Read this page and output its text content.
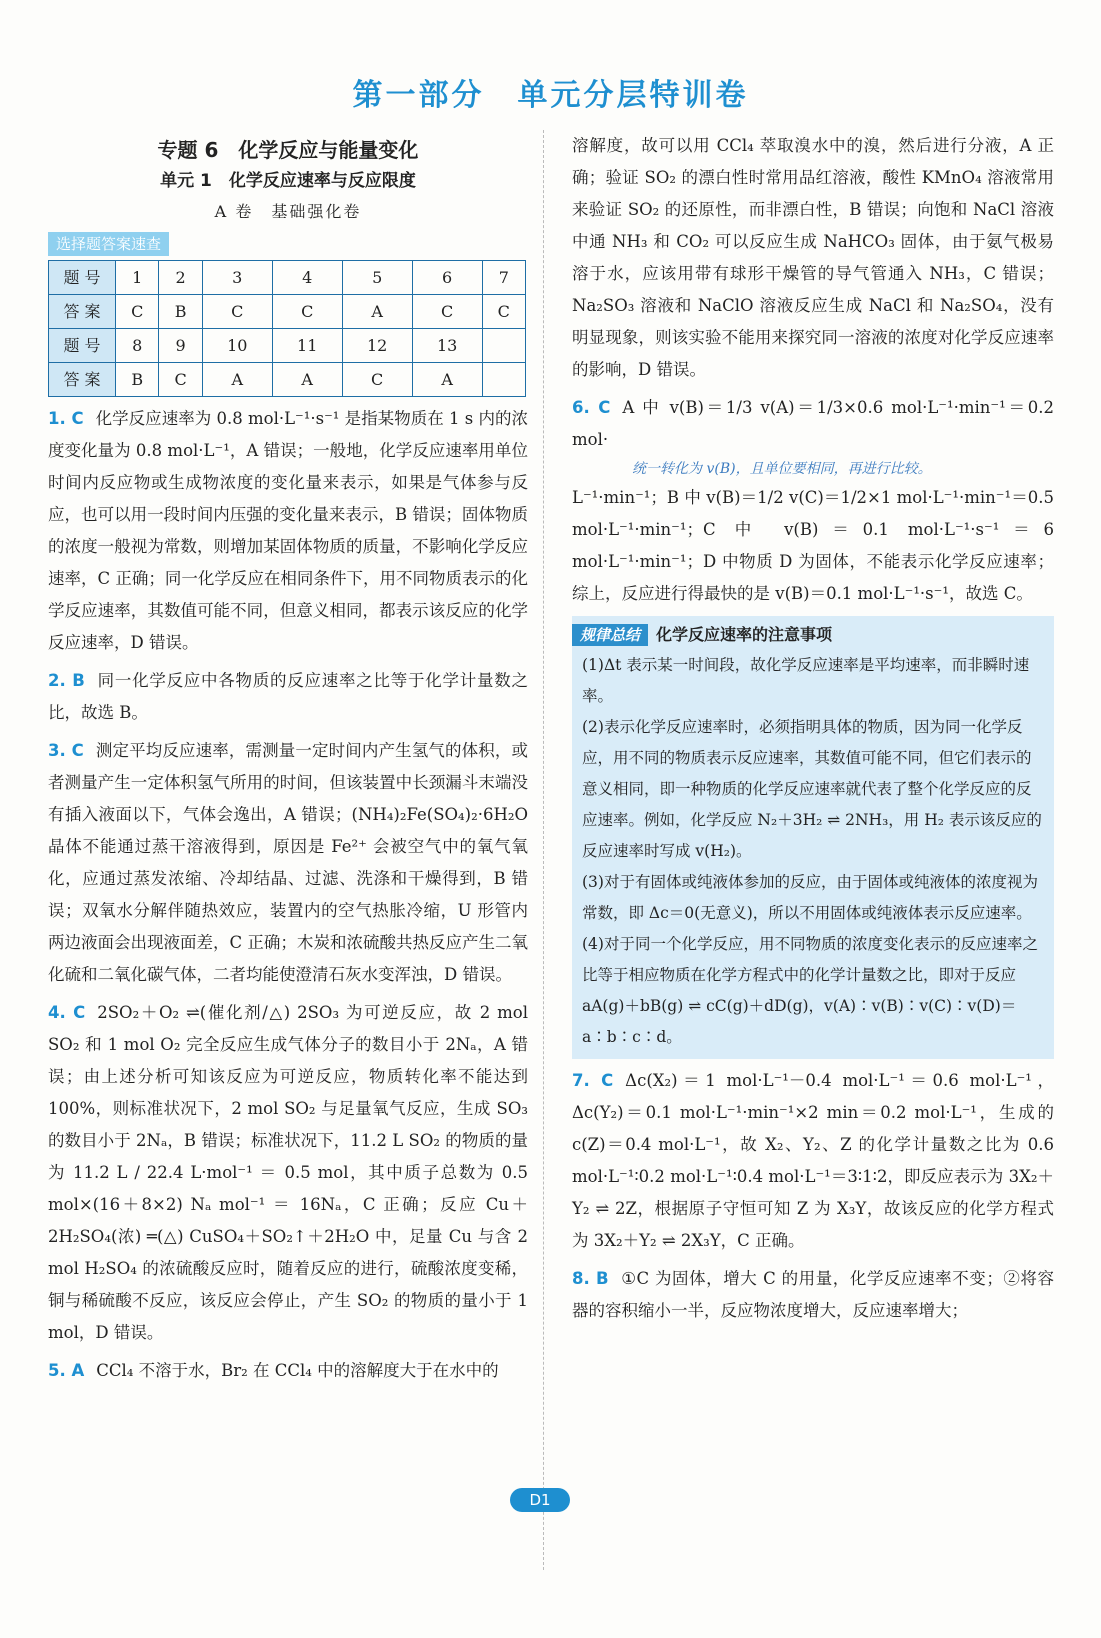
第一部分　单元分层特训卷
专题 6　化学反应与能量变化
单元 1　化学反应速率与反应限度
A 卷　基础强化卷
选择题答案速查
题 号	1	2	3	4	5	6	7
答 案	C	B	C	C	A	C	C
题 号	8	9	10	11	12	13	
答 案	B	C	A	A	C	A	
1. C 化学反应速率为 0.8 mol·L⁻¹·s⁻¹ 是指某物质在 1 s 内的浓度变化量为 0.8 mol·L⁻¹，A 错误；一般地，化学反应速率用单位时间内反应物或生成物浓度的变化量来表示，如果是气体参与反应，也可以用一段时间内压强的变化量来表示，B 错误；固体物质的浓度一般视为常数，则增加某固体物质的质量，不影响化学反应速率，C 正确；同一化学反应在相同条件下，用不同物质表示的化学反应速率，其数值可能不同，但意义相同，都表示该反应的化学反应速率，D 错误。
2. B 同一化学反应中各物质的反应速率之比等于化学计量数之比，故选 B。
3. C 测定平均反应速率，需测量一定时间内产生氢气的体积，或者测量产生一定体积氢气所用的时间，但该装置中长颈漏斗末端没有插入液面以下，气体会逸出，A 错误；(NH₄)₂Fe(SO₄)₂·6H₂O 晶体不能通过蒸干溶液得到，原因是 Fe²⁺ 会被空气中的氧气氧化，应通过蒸发浓缩、冷却结晶、过滤、洗涤和干燥得到，B 错误；双氧水分解伴随热效应，装置内的空气热胀冷缩，U 形管内两边液面会出现液面差，C 正确；木炭和浓硫酸共热反应产生二氧化硫和二氧化碳气体，二者均能使澄清石灰水变浑浊，D 错误。
4. C 2SO₂＋O₂ ⇌(催化剂/△) 2SO₃ 为可逆反应，故 2 mol SO₂ 和 1 mol O₂ 完全反应生成气体分子的数目小于 2Nₐ，A 错误；由上述分析可知该反应为可逆反应，物质转化率不能达到 100%，则标准状况下，2 mol SO₂ 与足量氧气反应，生成 SO₃ 的数目小于 2Nₐ，B 错误；标准状况下，11.2 L SO₂ 的物质的量为 11.2 L / 22.4 L·mol⁻¹ ＝ 0.5 mol，其中质子总数为 0.5 mol×(16＋8×2) Nₐ mol⁻¹ ＝ 16Nₐ，C 正确；反应 Cu＋2H₂SO₄(浓) ═(△) CuSO₄＋SO₂↑＋2H₂O 中，足量 Cu 与含 2 mol H₂SO₄ 的浓硫酸反应时，随着反应的进行，硫酸浓度变稀，铜与稀硫酸不反应，该反应会停止，产生 SO₂ 的物质的量小于 1 mol，D 错误。
5. A CCl₄ 不溶于水，Br₂ 在 CCl₄ 中的溶解度大于在水中的
溶解度，故可以用 CCl₄ 萃取溴水中的溴，然后进行分液，A 正确；验证 SO₂ 的漂白性时常用品红溶液，酸性 KMnO₄ 溶液常用来验证 SO₂ 的还原性，而非漂白性，B 错误；向饱和 NaCl 溶液中通 NH₃ 和 CO₂ 可以反应生成 NaHCO₃ 固体，由于氨气极易溶于水，应该用带有球形干燥管的导气管通入 NH₃，C 错误；Na₂SO₃ 溶液和 NaClO 溶液反应生成 NaCl 和 Na₂SO₄，没有明显现象，则该实验不能用来探究同一溶液的浓度对化学反应速率的影响，D 错误。
6. C A 中 v(B)＝1/3 v(A)＝1/3×0.6 mol·L⁻¹·min⁻¹＝0.2 mol·
统一转化为 v(B)，且单位要相同，再进行比较。
L⁻¹·min⁻¹；B 中 v(B)＝1/2 v(C)＝1/2×1 mol·L⁻¹·min⁻¹＝0.5 mol·L⁻¹·min⁻¹；C 中 v(B)＝0.1 mol·L⁻¹·s⁻¹＝6 mol·L⁻¹·min⁻¹；D 中物质 D 为固体，不能表示化学反应速率；综上，反应进行得最快的是 v(B)＝0.1 mol·L⁻¹·s⁻¹，故选 C。
规律总结 化学反应速率的注意事项

(1)Δt 表示某一时间段，故化学反应速率是平均速率，而非瞬时速率。

(2)表示化学反应速率时，必须指明具体的物质，因为同一化学反应，用不同的物质表示反应速率，其数值可能不同，但它们表示的意义相同，即一种物质的化学反应速率就代表了整个化学反应的反应速率。例如，化学反应 N₂＋3H₂ ⇌ 2NH₃，用 H₂ 表示该反应的反应速率时写成 v(H₂)。

(3)对于有固体或纯液体参加的反应，由于固体或纯液体的浓度视为常数，即 Δc＝0(无意义)，所以不用固体或纯液体表示反应速率。

(4)对于同一个化学反应，用不同物质的浓度变化表示的反应速率之比等于相应物质在化学方程式中的化学计量数之比，即对于反应 aA(g)＋bB(g) ⇌ cC(g)＋dD(g)，v(A)∶v(B)∶v(C)∶v(D)＝a∶b∶c∶d。

7. C Δc(X₂)＝1 mol·L⁻¹－0.4 mol·L⁻¹＝0.6 mol·L⁻¹，Δc(Y₂)＝0.1 mol·L⁻¹·min⁻¹×2 min＝0.2 mol·L⁻¹，生成的 c(Z)＝0.4 mol·L⁻¹，故 X₂、Y₂、Z 的化学计量数之比为 0.6 mol·L⁻¹∶0.2 mol·L⁻¹∶0.4 mol·L⁻¹＝3∶1∶2，即反应表示为 3X₂＋Y₂ ⇌ 2Z，根据原子守恒可知 Z 为 X₃Y，故该反应的化学方程式为 3X₂＋Y₂ ⇌ 2X₃Y，C 正确。
8. B ①C 为固体，增大 C 的用量，化学反应速率不变；②将容器的容积缩小一半，反应物浓度增大，反应速率增大；
D1
